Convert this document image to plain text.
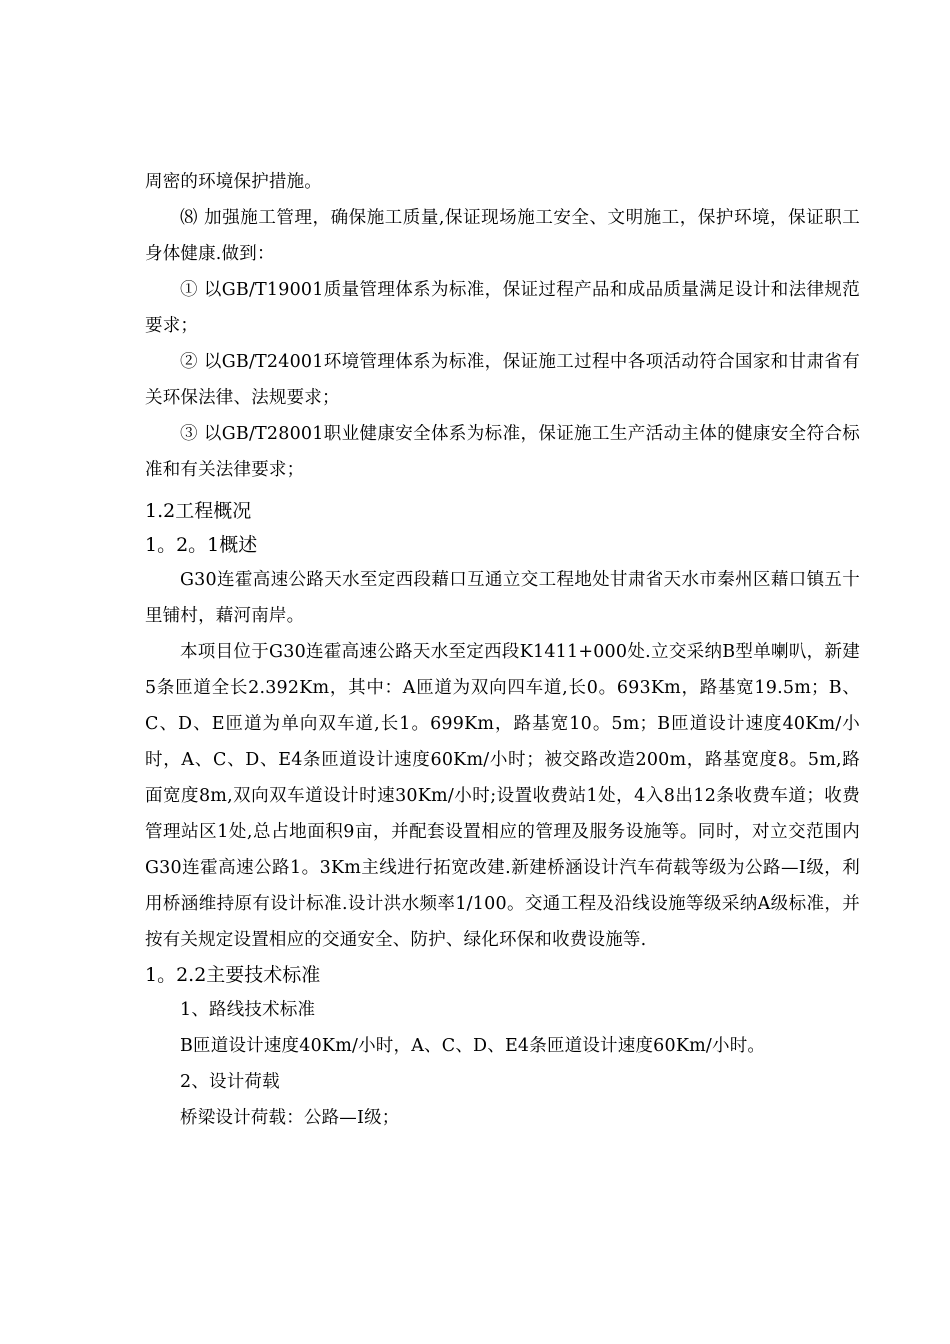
周密的环境保护措施。

⑻ 加强施工管理，确保施工质量,保证现场施工安全、文明施工，保护环境，保证职工身体健康.做到：

① 以GB/T19001质量管理体系为标准，保证过程产品和成品质量满足设计和法律规范要求；

② 以GB/T24001环境管理体系为标准，保证施工过程中各项活动符合国家和甘肃省有关环保法律、法规要求；

③ 以GB/T28001职业健康安全体系为标准，保证施工生产活动主体的健康安全符合标准和有关法律要求；

1.2工程概况
1。2。1概述

G30连霍高速公路天水至定西段藉口互通立交工程地处甘肃省天水市秦州区藉口镇五十里铺村，藉河南岸。

本项目位于G30连霍高速公路天水至定西段K1411+000处.立交采纳B型单喇叭，新建5条匝道全长2.392Km，其中：A匝道为双向四车道,长0。693Km，路基宽19.5m；B、C、D、E匝道为单向双车道,长1。699Km，路基宽10。5m；B匝道设计速度40Km/小时，A、C、D、E4条匝道设计速度60Km/小时；被交路改造200m，路基宽度8。5m,路面宽度8m,双向双车道设计时速30Km/小时;设置收费站1处，4入8出12条收费车道；收费管理站区1处,总占地面积9亩，并配套设置相应的管理及服务设施等。同时，对立交范围内G30连霍高速公路1。3Km主线进行拓宽改建.新建桥涵设计汽车荷载等级为公路—Ⅰ级，利用桥涵维持原有设计标准.设计洪水频率1/100。交通工程及沿线设施等级采纳A级标准，并按有关规定设置相应的交通安全、防护、绿化环保和收费设施等.

1。2.2主要技术标准

1、路线技术标准

B匝道设计速度40Km/小时，A、C、D、E4条匝道设计速度60Km/小时。

2、设计荷载

桥梁设计荷载：公路—Ⅰ级；
